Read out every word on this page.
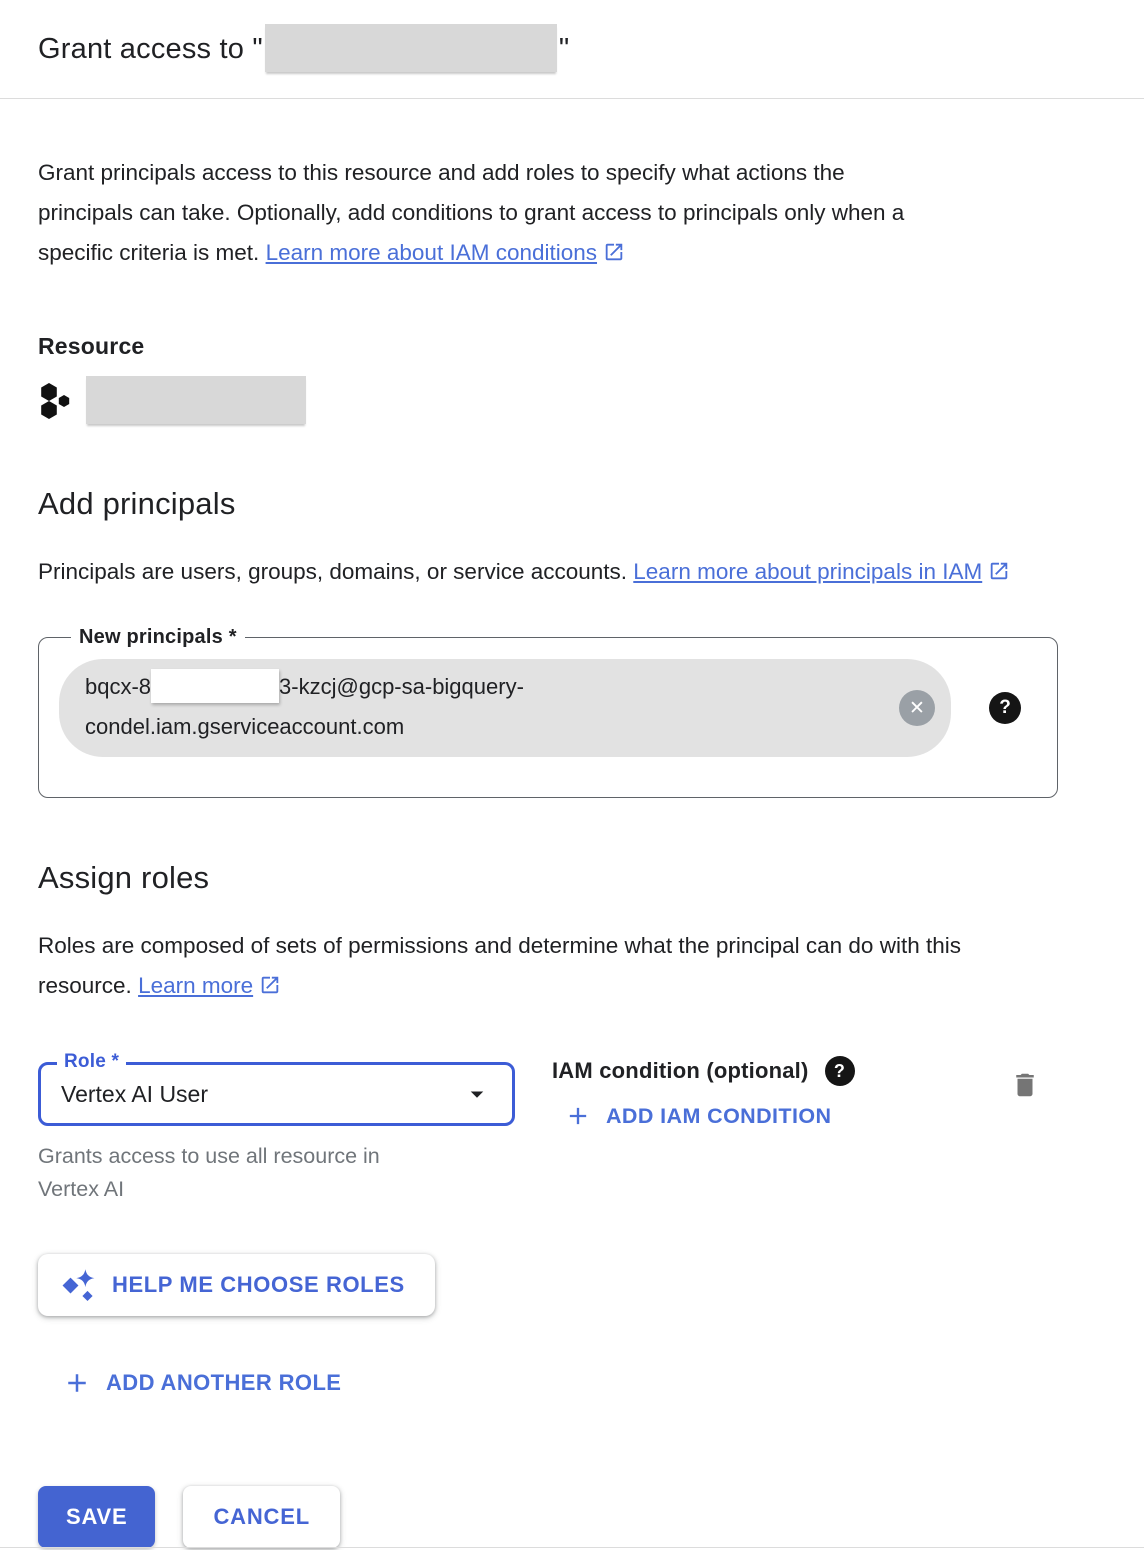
Grant access to "	"

Grant principals access to this resource and add roles to specify what actions the
principals can take. Optionally, add conditions to grant access to principals only when a
specific criteria is met. Learn more about IAM conditions

Resource
Add principals

Principals are users, groups, domains, or service accounts. Learn more about principals in IAM

New principals *
bqcx-8	3-kzcj@gcp-sa-bigquery-
condel.iam.gserviceaccount.com
✕	?
Assign roles

Roles are composed of sets of permissions and determine what the principal can do with this resource. Learn more

Role *
Vertex AI User

Grants access to use all resource in Vertex AI

IAM condition (optional)	?
ADD IAM CONDITION
HELP ME CHOOSE ROLES
ADD ANOTHER ROLE
SAVE	CANCEL
